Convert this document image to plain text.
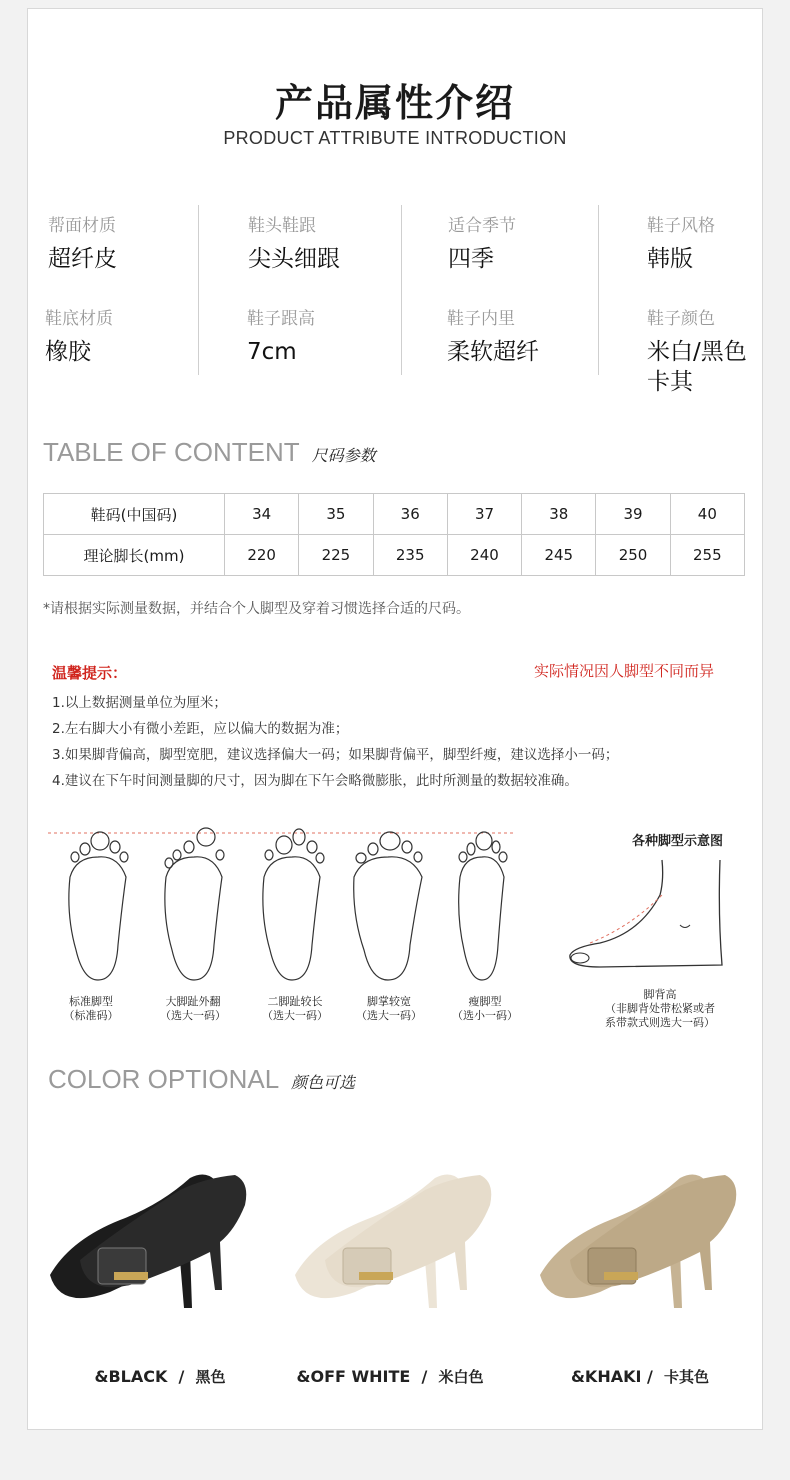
产品属性介绍
PRODUCT ATTRIBUTE INTRODUCTION
帮面材质
超纤皮
鞋头鞋跟
尖头细跟
适合季节
四季
鞋子风格
韩版
鞋底材质
橡胶
鞋子跟高
7cm
鞋子内里
柔软超纤
鞋子颜色
米白/黑色
卡其
TABLE OF CONTENT 尺码参数
鞋码(中国码)	34	35	36	37	38	39	40
理论脚长(mm)	220	225	235	240	245	250	255
*请根据实际测量数据，并结合个人脚型及穿着习惯选择合适的尺码。
温馨提示：	实际情况因人脚型不同而异
1.以上数据测量单位为厘米；
2.左右脚大小有微小差距，应以偏大的数据为准；
3.如果脚背偏高，脚型宽肥，建议选择偏大一码；如果脚背偏平，脚型纤瘦，建议选择小一码；
4.建议在下午时间测量脚的尺寸，因为脚在下午会略微膨胀，此时所测量的数据较准确。
标准脚型
（标准码）
大脚趾外翻
（选大一码）
二脚趾较长
（选大一码）
脚掌较宽
（选大一码）
瘦脚型
（选小一码）
各种脚型示意图
脚背高
（非脚背处带松紧或者
系带款式则选大一码）
COLOR OPTIONAL 颜色可选
&BLACK / 黑色	&OFF WHITE / 米白色	&KHAKI / 卡其色
